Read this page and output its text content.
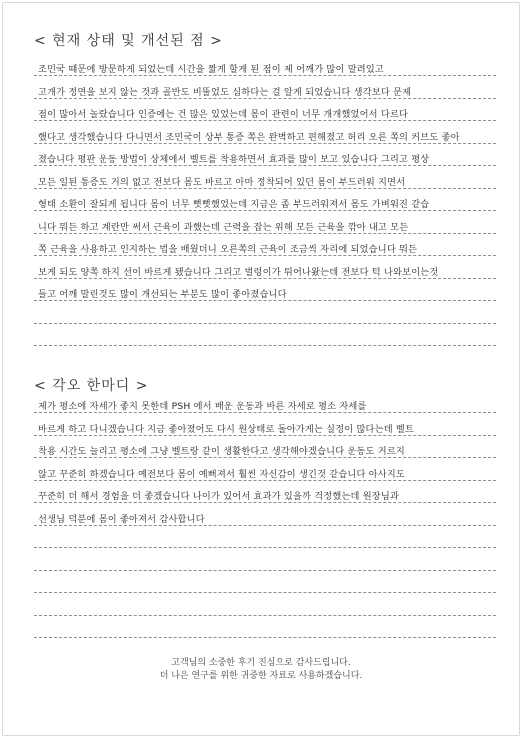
< 현재 상태 및 개선된 점 >
조민국 때문에 방문하게 되었는데 시간을 짧게 할게 된 점이 제 어깨가 많이 말려있고
고개가 정면을 보지 않는 것과 골반도 비뚤었도 심하다는 걸 알게 되었습니다 생각보다 문제
점이 많아서 놀랐습니다 인증에는 건 많은 있었는데 몸이 관련이 너무 개개했었어서 다르다
했다고 생각했습니다 다니면서 조민국이 상부 통증 쪽은 완벽하고 편해졌고 허리 오른 쪽의 커브도 좋아
졌습니다 평판 운동 방법이 상체에서 벨트를 착용하면서 효과를 많이 보고 있습니다 그리고 평상
모든 일된 통증도 거의 없고 전보다 몸도 바르고 아마 정착되어 있던 몸이 부드러워 지면서
형태 소환이 잘되게 됩니다 몸이 너무 뻣뻣했었는데 지금은 좀 부드러워져서 몸도 가벼워진 같습
니다 뭐든 하고 계란만 써서 근육이 과했는데 근력을 잡는 위해 모든 근육을 깎아 내고 모든
쪽 근육을 사용하고 인지하는 법을 배웠더니 오른쪽의 근육이 조금씩 자리에 되었습니다 뭐든
보게 되도 양쪽 하지 선이 바르게 됐습니다 그리고 벌렁이가 튀어나왔는데 전보다 턱 나와보이는것
들고 어깨 말린것도 많이 개선되는 부분도 많이 좋아졌습니다
< 각오 한마디 >
제가 평소에 자세가 좋지 못한데 PSH 에서 배운 운동과 바른 자세로 평소 자세를
바르게 하고 다니겠습니다 지금 좋아졌어도 다시 원상태로 돌아가게는 실정이 많다는데 벨트
착용 시간도 늘리고 평소에 그냥 벨트랑 같이 생활한다고 생각해야겠습니다 운동도 거르지
않고 꾸준히 하겠습니다 예전보다 몸이 예뻐져서 훨씬 자신감이 생긴것 같습니다 아사지도
꾸준히 더 해서 경험을 더 좋겠습니다 나이가 있어서 효과가 있을까 걱정했는데 원장님과
선생님 덕분에 몸이 좋아져서 감사합니다
고객님의 소중한 후기 진심으로 감사드립니다.
더 나은 연구를 위한 귀중한 자료로 사용하겠습니다.
